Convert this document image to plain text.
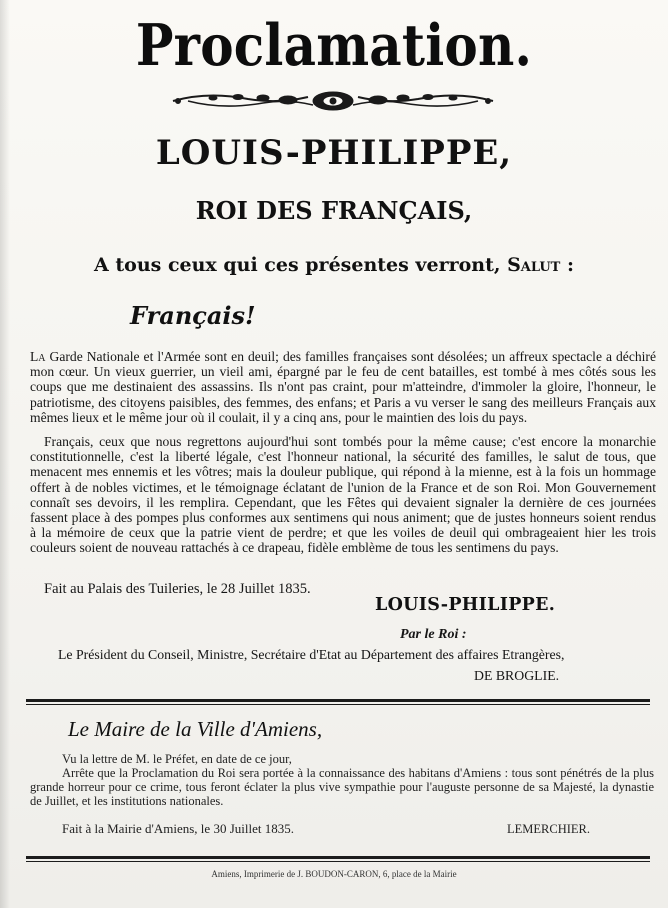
Proclamation.
LOUIS-PHILIPPE,
ROI DES FRANÇAIS,
A tous ceux qui ces présentes verront, Salut :
Français!

La Garde Nationale et l'Armée sont en deuil; des familles françaises sont désolées; un affreux spectacle a déchiré mon cœur. Un vieux guerrier, un vieil ami, épargné par le feu de cent batailles, est tombé à mes côtés sous les coups que me destinaient des assassins. Ils n'ont pas craint, pour m'atteindre, d'immoler la gloire, l'honneur, le patriotisme, des citoyens paisibles, des femmes, des enfans; et Paris a vu verser le sang des meilleurs Français aux mêmes lieux et le même jour où il coulait, il y a cinq ans, pour le maintien des lois du pays.

Français, ceux que nous regrettons aujourd'hui sont tombés pour la même cause; c'est encore la monarchie constitutionnelle, c'est la liberté légale, c'est l'honneur national, la sécurité des familles, le salut de tous, que menacent mes ennemis et les vôtres; mais la douleur publique, qui répond à la mienne, est à la fois un hommage offert à de nobles victimes, et le témoignage éclatant de l'union de la France et de son Roi. Mon Gouvernement connaît ses devoirs, il les remplira. Cependant, que les Fêtes qui devaient signaler la dernière de ces journées fassent place à des pompes plus conformes aux sentimens qui nous animent; que de justes honneurs soient rendus à la mémoire de ceux que la patrie vient de perdre; et que les voiles de deuil qui ombrageaient hier les trois couleurs soient de nouveau rattachés à ce drapeau, fidèle emblème de tous les sentimens du pays.

Fait au Palais des Tuileries, le 28 Juillet 1835.
LOUIS-PHILIPPE.
Par le Roi :
Le Président du Conseil, Ministre, Secrétaire d'Etat au Département des affaires Etrangères,
DE BROGLIE.
Le Maire de la Ville d'Amiens,
Vu la lettre de M. le Préfet, en date de ce jour,

Arrête que la Proclamation du Roi sera portée à la connaissance des habitans d'Amiens : tous sont pénétrés de la plus grande horreur pour ce crime, tous feront éclater la plus vive sympathie pour l'auguste personne de sa Majesté, la dynastie de Juillet, et les institutions nationales.

Fait à la Mairie d'Amiens, le 30 Juillet 1835.	LEMERCHIER.
Amiens, Imprimerie de J. BOUDON-CARON, 6, place de la Mairie
